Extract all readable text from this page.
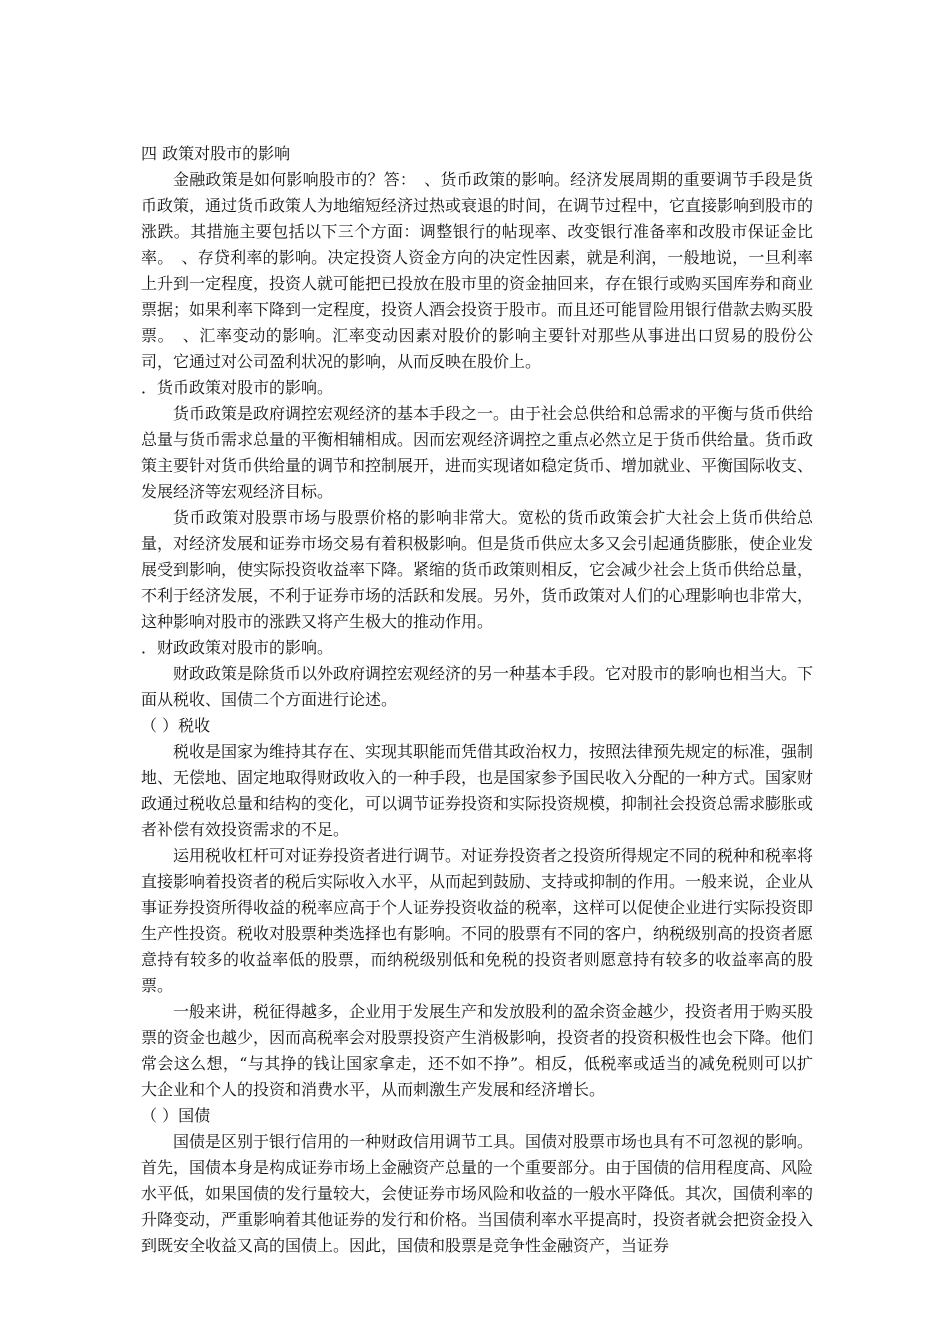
四 政策对股市的影响

金融政策是如何影响股市的？答：　、货币政策的影响。经济发展周期的重要调节手段是货币政策，通过货币政策人为地缩短经济过热或衰退的时间，在调节过程中，它直接影响到股市的涨跌。其措施主要包括以下三个方面：调整银行的帖现率、改变银行准备率和改股市保证金比率。　、存贷利率的影响。决定投资人资金方向的决定性因素，就是利润，一般地说，一旦利率上升到一定程度，投资人就可能把已投放在股市里的资金抽回来，存在银行或购买国库券和商业票据；如果利率下降到一定程度，投资人酒会投资于股市。而且还可能冒险用银行借款去购买股票。　、汇率变动的影响。汇率变动因素对股价的影响主要针对那些从事进出口贸易的股份公司，它通过对公司盈利状况的影响，从而反映在股价上。

．货币政策对股市的影响。

货币政策是政府调控宏观经济的基本手段之一。由于社会总供给和总需求的平衡与货币供给总量与货币需求总量的平衡相辅相成。因而宏观经济调控之重点必然立足于货币供给量。货币政策主要针对货币供给量的调节和控制展开，进而实现诸如稳定货币、增加就业、平衡国际收支、发展经济等宏观经济目标。

货币政策对股票市场与股票价格的影响非常大。宽松的货币政策会扩大社会上货币供给总量，对经济发展和证券市场交易有着积极影响。但是货币供应太多又会引起通货膨胀，使企业发展受到影响，使实际投资收益率下降。紧缩的货币政策则相反，它会减少社会上货币供给总量，不利于经济发展，不利于证券市场的活跃和发展。另外，货币政策对人们的心理影响也非常大，这种影响对股市的涨跌又将产生极大的推动作用。

．财政政策对股市的影响。

财政政策是除货币以外政府调控宏观经济的另一种基本手段。它对股市的影响也相当大。下面从税收、国债二个方面进行论述。

（ ）税收

税收是国家为维持其存在、实现其职能而凭借其政治权力，按照法律预先规定的标准，强制地、无偿地、固定地取得财政收入的一种手段，也是国家参予国民收入分配的一种方式。国家财政通过税收总量和结构的变化，可以调节证券投资和实际投资规模，抑制社会投资总需求膨胀或者补偿有效投资需求的不足。

运用税收杠杆可对证券投资者进行调节。对证券投资者之投资所得规定不同的税种和税率将直接影响着投资者的税后实际收入水平，从而起到鼓励、支持或抑制的作用。一般来说，企业从事证券投资所得收益的税率应高于个人证券投资收益的税率，这样可以促使企业进行实际投资即生产性投资。税收对股票种类选择也有影响。不同的股票有不同的客户，纳税级别高的投资者愿意持有较多的收益率低的股票，而纳税级别低和免税的投资者则愿意持有较多的收益率高的股票。

一般来讲，税征得越多，企业用于发展生产和发放股利的盈余资金越少，投资者用于购买股票的资金也越少，因而高税率会对股票投资产生消极影响，投资者的投资积极性也会下降。他们常会这么想，“与其挣的钱让国家拿走，还不如不挣”。相反，低税率或适当的减免税则可以扩大企业和个人的投资和消费水平，从而刺激生产发展和经济增长。

（ ）国债

国债是区别于银行信用的一种财政信用调节工具。国债对股票市场也具有不可忽视的影响。首先，国债本身是构成证券市场上金融资产总量的一个重要部分。由于国债的信用程度高、风险水平低，如果国债的发行量较大，会使证券市场风险和收益的一般水平降低。其次，国债利率的升降变动，严重影响着其他证券的发行和价格。当国债利率水平提高时，投资者就会把资金投入到既安全收益又高的国债上。因此，国债和股票是竞争性金融资产，当证券
